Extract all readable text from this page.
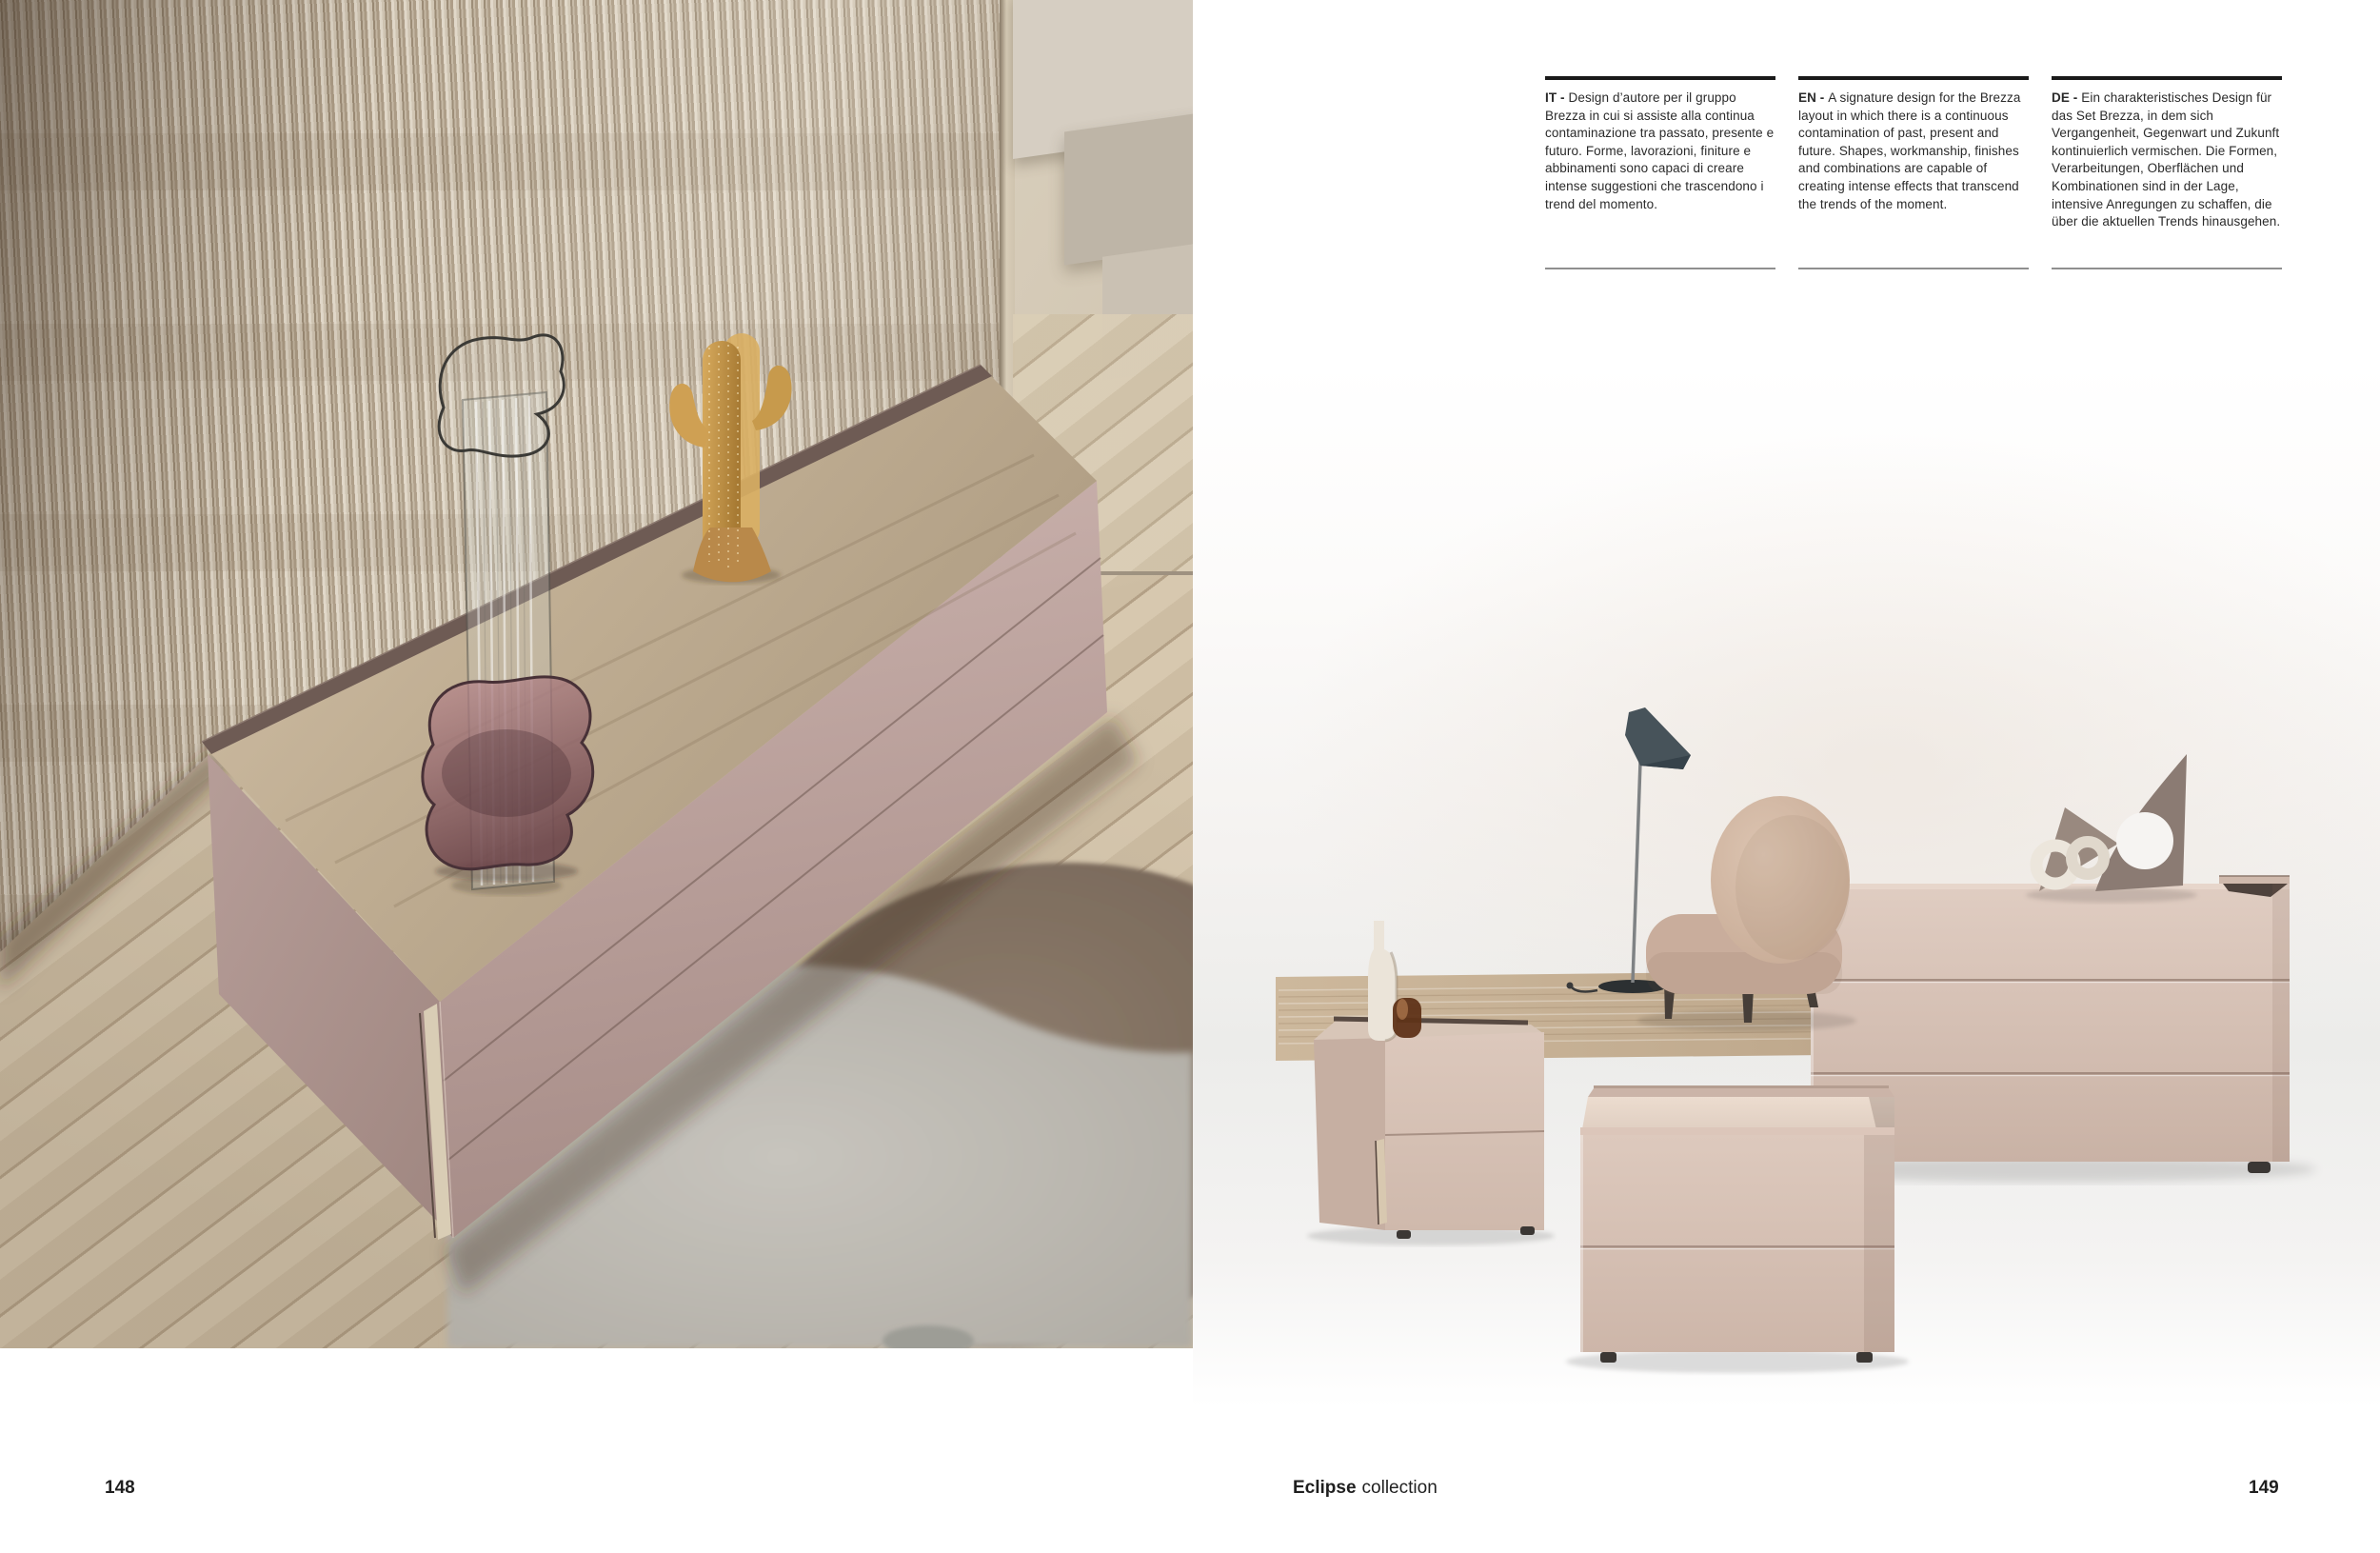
IT - Design d’autore per il gruppo Brezza in cui si assiste alla continua contaminazione tra passato, presente e futuro. Forme, lavorazioni, finiture e abbinamenti sono capaci di creare intense suggestioni che trascendono i trend del momento.

EN - A signature design for the Brezza layout in which there is a continuous contamination of past, present and future. Shapes, workmanship, finishes and combinations are capable of creating intense effects that transcend the trends of the moment.

DE - Ein charakteristisches Design für das Set Brezza, in dem sich Vergangenheit, Gegenwart und Zukunft kontinuierlich vermischen. Die Formen, Verarbeitungen, Oberflächen und Kombinationen sind in der Lage, intensive Anregungen zu schaffen, die über die aktuellen Trends hinausgehen.

148	Eclipse collection	149
